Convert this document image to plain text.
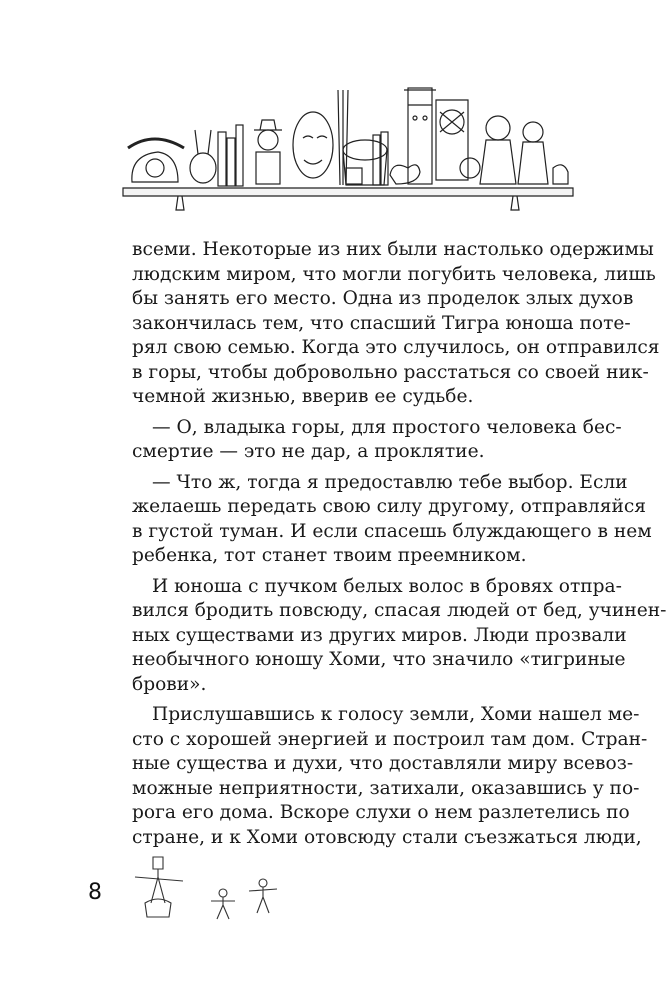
всеми. Некоторые из них были настолько одержимы
людским миром, что могли погубить человека, лишь
бы занять его место. Одна из проделок злых духов
закончилась тем, что спасший Тигра юноша поте-
рял свою семью. Когда это случилось, он отправился
в горы, чтобы добровольно расстаться со своей ник-
чемной жизнью, вверив ее судьбе.
— О, владыка горы, для простого человека бес-
смертие — это не дар, а проклятие.
— Что ж, тогда я предоставлю тебе выбор. Если
желаешь передать свою силу другому, отправляйся
в густой туман. И если спасешь блуждающего в нем
ребенка, тот станет твоим преемником.
И юноша с пучком белых волос в бровях отпра-
вился бродить повсюду, спасая людей от бед, учинен-
ных существами из других миров. Люди прозвали
необычного юношу Хоми, что значило «тигриные
брови».
Прислушавшись к голосу земли, Хоми нашел ме-
сто с хорошей энергией и построил там дом. Стран-
ные существа и духи, что доставляли миру всевоз-
можные неприятности, затихали, оказавшись у по-
рога его дома. Вскоре слухи о нем разлетелись по
стране, и к Хоми отовсюду стали съезжаться люди,
8
